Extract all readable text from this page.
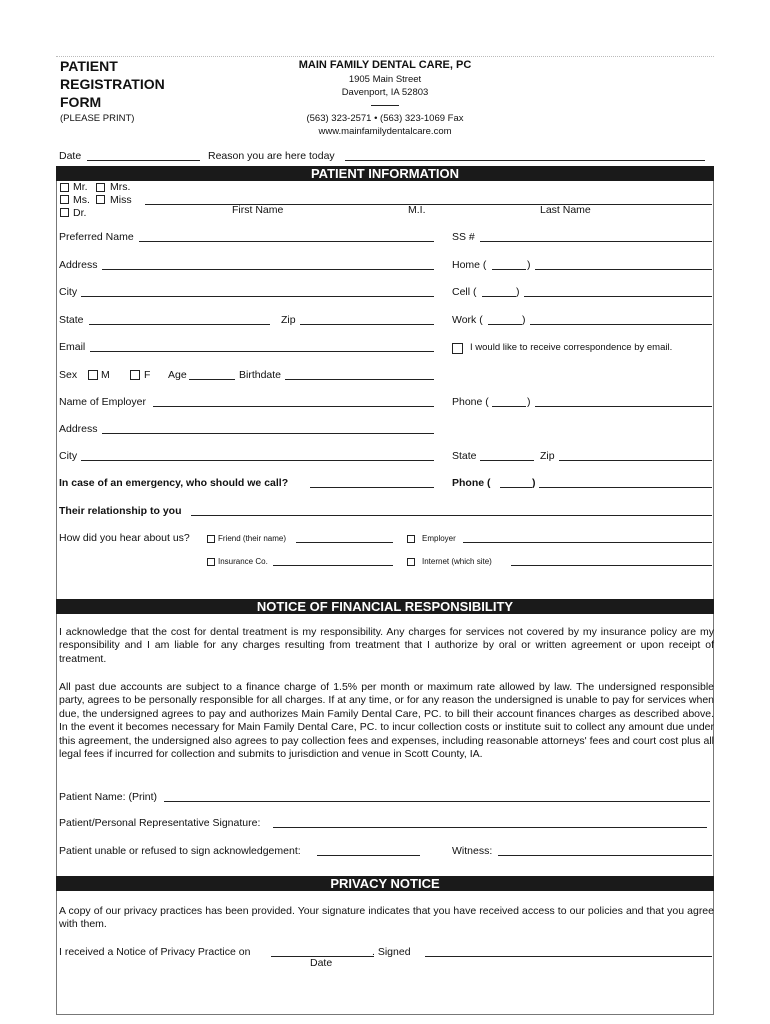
PATIENT
REGISTRATION
FORM
(PLEASE PRINT)
MAIN FAMILY DENTAL CARE, PC
1905 Main Street
Davenport, IA 52803
(563) 323-2571 • (563) 323-1069 Fax
www.mainfamilydentalcare.com
Date	Reason you are here today
PATIENT INFORMATION
Mr. Mrs.
Ms. Miss
Dr.	First Name	M.I.	Last Name
Preferred Name	SS #
Address	Home (	)
City	Cell (	)
State	Zip	Work (	)
Email	I would like to receive correspondence by email.
Sex M	F Age	Birthdate
Name of Employer	Phone (	)
Address
City	State	Zip
In case of an emergency, who should we call?	Phone (	)
Their relationship to you
How did you hear about us?	Friend (their name)	Employer
Insurance Co.	Internet (which site)
NOTICE OF FINANCIAL RESPONSIBILITY
I acknowledge that the cost for dental treatment is my responsibility. Any charges for services not covered by my insurance policy are my responsibility and I am liable for any charges resulting from treatment that I authorize by oral or written agreement or upon receipt of treatment.
All past due accounts are subject to a finance charge of 1.5% per month or maximum rate allowed by law. The undersigned responsible party, agrees to be personally responsible for all charges. If at any time, or for any reason the undersigned is unable to pay for services when due, the undersigned agrees to pay and authorizes Main Family Dental Care, PC. to bill their account finances charges as described above. In the event it becomes necessary for Main Family Dental Care, PC. to incur collection costs or institute suit to collect any amount due under this agreement, the undersigned also agrees to pay collection fees and expenses, including reasonable attorneys' fees and court cost plus all legal fees if incurred for collection and submits to jurisdiction and venue in Scott County, IA.
Patient Name: (Print)
Patient/Personal Representative Signature:
Patient unable or refused to sign acknowledgement:	Witness:
PRIVACY NOTICE
A copy of our privacy practices has been provided. Your signature indicates that you have received access to our policies and that you agree with them.
I received a Notice of Privacy Practice on	. Signed
Date
